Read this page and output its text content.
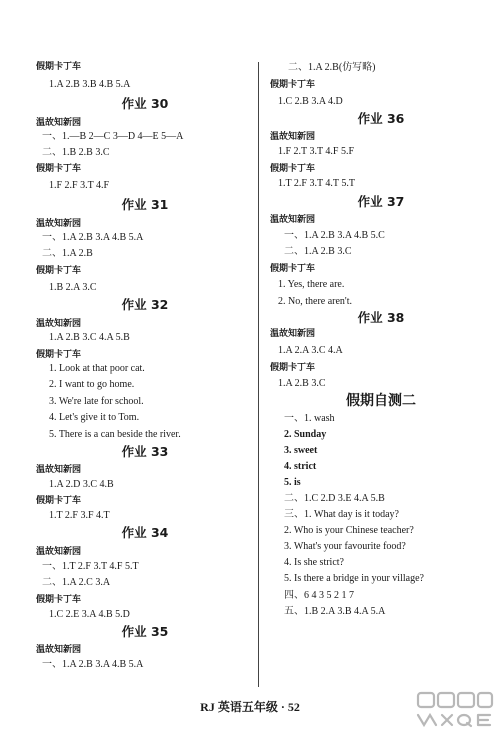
假期卡丁车
1.A 2.B 3.B 4.B 5.A
作业 30
温故知新园
一、1.—B 2—C 3—D 4—E 5—A
二、1.B 2.B 3.C
假期卡丁车
1.F 2.F 3.T 4.F
作业 31
温故知新园
一、1.A 2.B 3.A 4.B 5.A
二、1.A 2.B
假期卡丁车
1.B 2.A 3.C
作业 32
温故知新园
1.A 2.B 3.C 4.A 5.B
假期卡丁车
1. Look at that poor cat.
2. I want to go home.
3. We're late for school.
4. Let's give it to Tom.
5. There is a can beside the river.
作业 33
温故知新园
1.A 2.D 3.C 4.B
假期卡丁车
1.T 2.F 3.F 4.T
作业 34
温故知新园
一、1.T 2.F 3.T 4.F 5.T
二、1.A 2.C 3.A
假期卡丁车
1.C 2.E 3.A 4.B 5.D
作业 35
温故知新园
一、1.A 2.B 3.A 4.B 5.A
二、1.A 2.B(仿写略)
假期卡丁车
1.C 2.B 3.A 4.D
作业 36
温故知新园
1.F 2.T 3.T 4.F 5.F
假期卡丁车
1.T 2.F 3.T 4.T 5.T
作业 37
温故知新园
一、1.A 2.B 3.A 4.B 5.C
二、1.A 2.B 3.C
假期卡丁车
1. Yes, there are.
2. No, there aren't.
作业 38
温故知新园
1.A 2.A 3.C 4.A
假期卡丁车
1.A 2.B 3.C
假期自测二
一、1. wash
2. Sunday
3. sweet
4. strict
5. is
二、1.C 2.D 3.E 4.A 5.B
三、1. What day is it today?
2. Who is your Chinese teacher?
3. What's your favourite food?
4. Is she strict?
5. Is there a bridge in your village?
四、6 4 3 5 2 1 7
五、1.B 2.A 3.B 4.A 5.A
RJ 英语五年级 · 52
